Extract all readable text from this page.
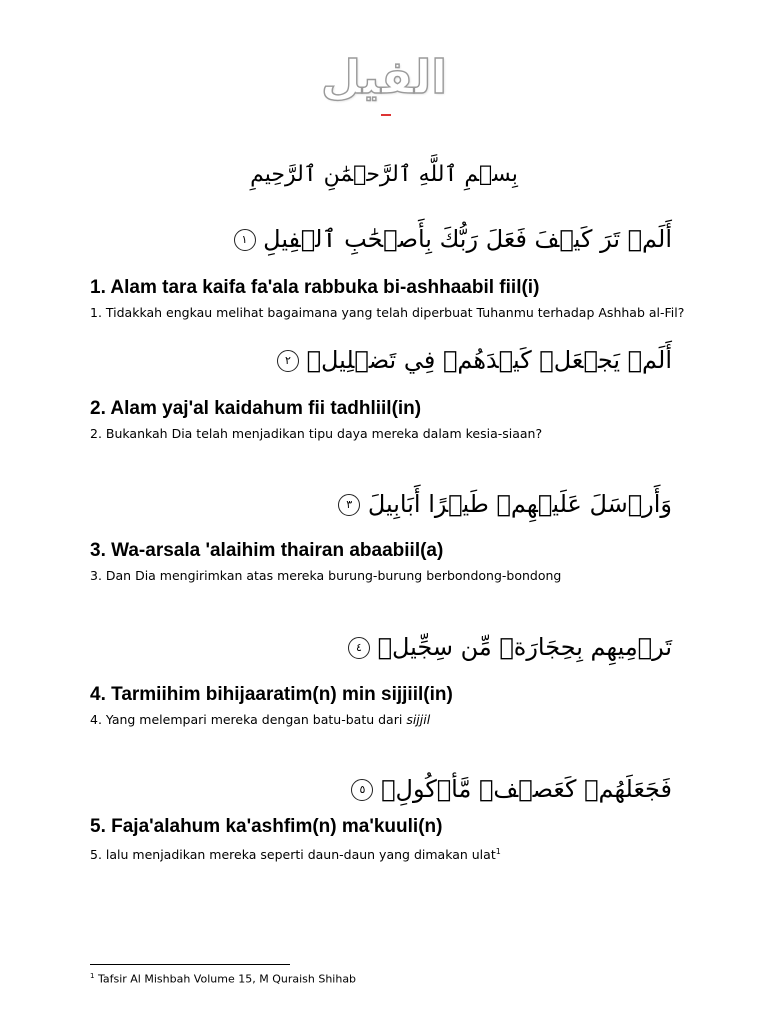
الفيل
بِسۡمِ ٱللَّهِ ٱلرَّحۡمَٰنِ ٱلرَّحِيمِ
أَلَمۡ تَرَ كَيۡفَ فَعَلَ رَبُّكَ بِأَصۡحَٰبِ ٱلۡفِيلِ ١

1. Alam tara kaifa fa'ala rabbuka bi-ashhaabil fiil(i)

1. Tidakkah engkau melihat bagaimana yang telah diperbuat Tuhanmu terhadap Ashhab al-Fil?

أَلَمۡ يَجۡعَلۡ كَيۡدَهُمۡ فِي تَضۡلِيلٖ ٢

2. Alam yaj'al kaidahum fii tadhliil(in)

2. Bukankah Dia telah menjadikan tipu daya mereka dalam kesia-siaan?

وَأَرۡسَلَ عَلَيۡهِمۡ طَيۡرًا أَبَابِيلَ ٣

3. Wa-arsala 'alaihim thairan abaabiil(a)

3. Dan Dia mengirimkan atas mereka burung-burung berbondong-bondong

تَرۡمِيهِم بِحِجَارَةٖ مِّن سِجِّيلٖ ٤

4. Tarmiihim bihijaaratim(n) min sijjiil(in)

4. Yang melempari mereka dengan batu-batu dari sijjil

فَجَعَلَهُمۡ كَعَصۡفٖ مَّأۡكُولِۭ ٥

5. Faja'alahum ka'ashfim(n) ma'kuuli(n)

5. lalu menjadikan mereka seperti daun-daun yang dimakan ulat$^1$

$^1$ Tafsir Al Mishbah Volume 15, M Quraish Shihab
